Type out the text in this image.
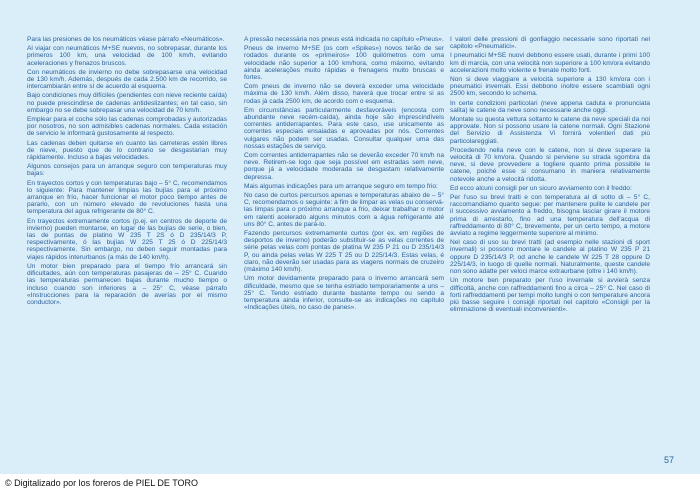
Para las presiones de los neumáticos véase párrafo «Neumáticos».

Al viajar con neumáticos M+SE nuevos, no sobrepasar, durante los primeros 100 km, una velocidad de 100 km/h, evitando aceleraciones y frenazos bruscos.

Con neumáticos de invierno no debe sobrepasarse una velocidad de 130 km/h. Además, después de cada 2.500 km de recorrido, se intercambiarán entre sí de acuerdo al esquema.

Bajo condiciones muy difíciles (pendientes con nieve reciente caída) no puede prescindirse de cadenas antideslizantes; en tal caso, sin embargo no se debe sobrepasar una velocidad de 70 km/h.

Emplear para el coche sólo las cadenas comprobadas y autorizadas por nosotros, no son admisibles cadenas normales. Cada estación de servicio le informará gustosamente al respecto.

Las cadenas deben quitarse en cuanto las carreteras estén libres de nieve, puesto que de lo contrario se desgastarían muy rápidamente. Incluso a bajas velocidades.

Algunos consejos para un arranque seguro con temperaturas muy bajas:

En trayectos cortos y con temperaturas bajo – 5° C, recomendamos lo siguiente: Para mantener limpias las bujías para el próximo arranque en frío, hacer funcionar el motor poco tiempo antes de pararlo, con un número elevado de revoluciones hasta una temperatura del agua refrigerante de 80° C.

En trayectos extremamente cortos (p.ej. en centros de deporte de invierno) pueden montarse, en lugar de las bujías de serie, o bien, las de puntas de platino W 235 T 2S ó D 235/14/3 P, respectivamente, ó las bujías W 225 T 25 ó D 225/14/3 respectivamente. Sin embargo, no deben seguir montadas para viajes rápidos interurbanos (a más de 140 km/h).

Un motor bien preparado para el tiempo frío arrancará sin dificultades, aún con temperaturas pasajeras de – 25° C. Cuando las temperaturas permanecen bajas durante mucho tiempo o incluso cuando son inferiores a – 25° C, véase párrafo «Instrucciones para la reparación de averías por el mismo conductor».

A pressão necessária nos pneus está indicada no capítulo «Pneus».

Pneus de inverno M+SE (os com «Spikes») novos terão de ser rodados durante os «primeiros» 100 quilómetros com uma velocidade não superior a 100 km/hora, como máximo, evitando ainda acelerações muito rápidas e frenagens muito bruscas e fortes.

Com pneus de inverno não se deverá exceder uma velocidade máxima de 130 km/h. Além disso, haverá que trocar entre si as rodas já cada 2500 km, de acordo com o esquema.

Em circunstâncias particularmente desfavoráveis (encosta com abundante neve recém-caída), ainda hoje são imprescindíveis correntes antiderrapantes. Para este caso, use unicamente as correntes especiais ensaiadas e aprovadas por nós. Correntes vulgares não podem ser usadas. Consultar qualquer uma das nossas estações de serviço.

Com correntes antiderrapantes não se deverão exceder 70 km/h na neve. Retirem-se logo que seja possível em estradas sem neve, porque já a velocidade moderada se desgastam relativamente depressa.

Mais algumas indicações para um arranque seguro em tempo frio:

No caso de curtos percursos apenas e temperaturas abaixo de – 5° C, recomendamos o seguinte: a fim de limpar as velas ou conservá-las limpas para o próximo arranque a frio, deixar trabalhar o motor em ralenti acelerado alguns minutos com a água refrigerante até uns 80° C, antes de pará-lo.

Fazendo percursos extremamente curtos (por ex. em regiões de desportos de inverno) poderão substituir-se as velas correntes de série pelas velas com pontas de platina W 235 P 21 ou D 235/14/3 P, ou ainda pelas velas W 225 T 25 ou D 225/14/3. Estas velas, é claro, não deverão ser usadas para as viagens normais de cruzeiro (máximo 140 km/h).

Um motor devidamente preparado para o inverno arrancará sem dificuldade, mesmo que se tenha estriado temporariamente a uns – 25° C. Tendo estriado durante bastante tempo ou sendo a temperatura ainda inferior, consulte-se as indicações no capítulo «Indicações úteis, no caso de panes».

I valori delle pressioni di gonfiaggio necessarie sono riportati nel capitolo «Pneumatici».

I pneumatici M+SE nuovi debbono essere usati, durante i primi 100 km di marcia, con una velocità non superiore a 100 km/ora evitando accelerazioni molto violente e frenate molto forti.

Non si deve viaggiare a velocità superiore a 130 km/ora con i pneumatici invernali. Essi debbono inoltre essere scambiati ogni 2500 km, secondo lo schema.

In certe condizioni particolari (neve appena caduta e pronunciata salita) le catene da neve sono necessarie anche oggi.

Montate su questa vettura soltanto le catene da neve speciali da noi approvate. Non si possono usare la catene normali. Ogni Stazione del Servizio di Assistenza Vi fornirà volentieri dati più particolareggiati.

Procedendo nella neve con le catene, non si deve superare la velocità di 70 km/ora. Quando si perviene su strada sgombra da neve, si deve provvedere a togliere quanto prima possibile le catene, poiché esse si consumano in maniera relativamente notevole anche a velocità ridotta.

Ed ecco alcuni consigli per un sicuro avviamento con il freddo:

Per l'uso su brevi tratti e con temperatura al di sotto di – 5° C, raccomandiamo quanto segue: per mantenere pulite le candele per il successivo avviamento a freddo, bisogna lasciar girare il motore prima di arrestarlo, fino ad una temperatura dell'acqua di raffreddamento di 80° C, brevemente, per un certo tempo, a motore avviato a regime leggermente superiore al minimo.

Nel caso di uso su brevi tratti (ad esempio nelle stazioni di sport invernali) si possono montare le candele al platino W 235 P 21 oppure D 235/14/3 P, od anche le candele W 225 T 28 oppure D 225/14/3, in luogo di quelle normali. Naturalmente, queste candele non sono adatte per veloci marce extraurbane (oltre i 140 km/h).

Un motore ben preparato per l'uso invernale si avvierà senza difficoltà, anche con raffreddamenti fino a circa – 25° C. Nel caso di forti raffreddamenti per tempi molto lunghi o con temperature ancora più basse seguire i consigli riportati nel capitolo «Consigli per la eliminazione di eventuali inconvenienti».

57
© Digitalizado por los foreros de PIEL DE TORO
